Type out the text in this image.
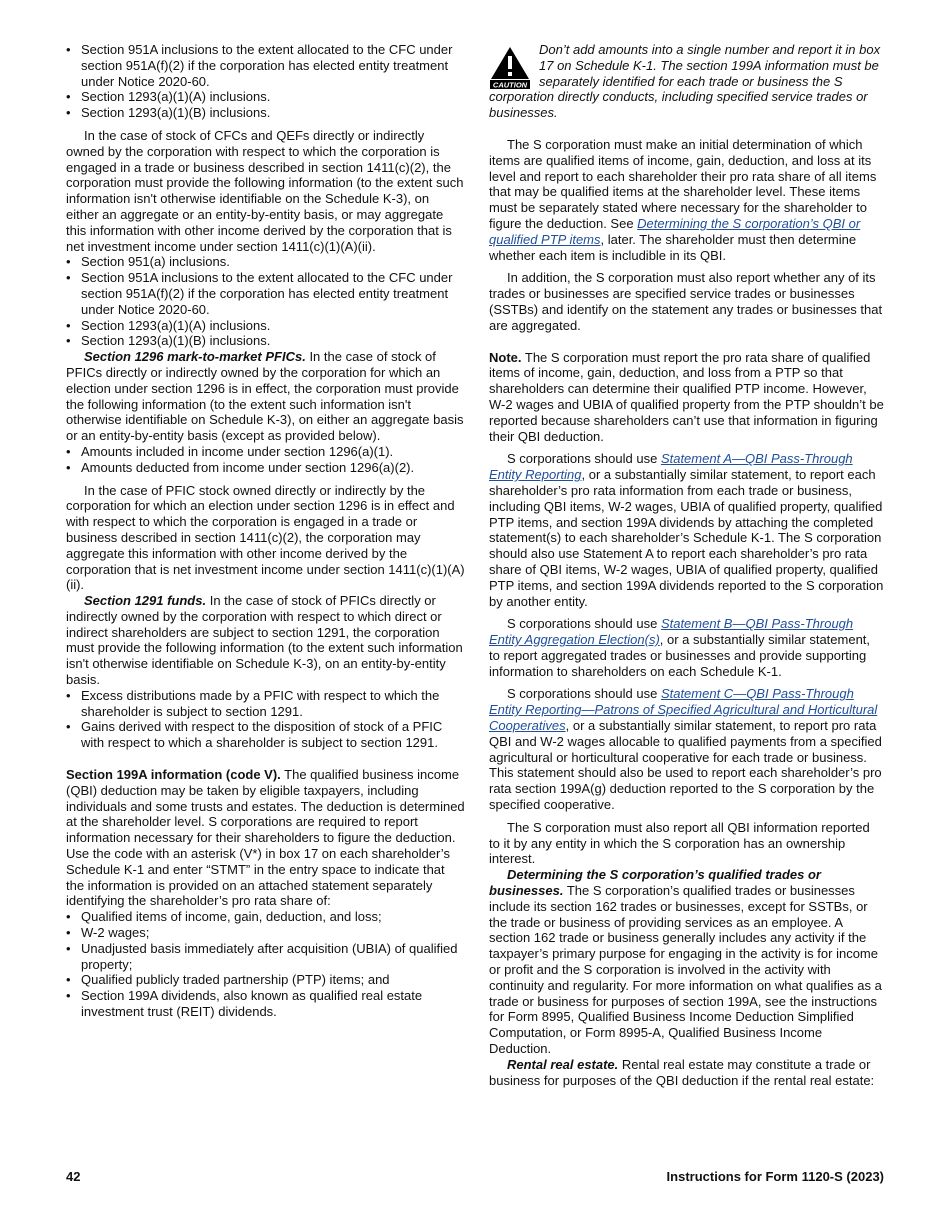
• Section 951A inclusions to the extent allocated to the CFC under section 951A(f)(2) if the corporation has elected entity treatment under Notice 2020-60.

• Section 1293(a)(1)(A) inclusions.

• Section 1293(a)(1)(B) inclusions.

In the case of stock of CFCs and QEFs directly or indirectly owned by the corporation with respect to which the corporation is engaged in a trade or business described in section 1411(c)(2), the corporation must provide the following information (to the extent such information isn't otherwise identifiable on the Schedule K-3), on either an aggregate or an entity-by-entity basis, or may aggregate this information with other income derived by the corporation that is net investment income under section 1411(c)(1)(A)(ii).

• Section 951(a) inclusions.

• Section 951A inclusions to the extent allocated to the CFC under section 951A(f)(2) if the corporation has elected entity treatment under Notice 2020-60.

• Section 1293(a)(1)(A) inclusions.

• Section 1293(a)(1)(B) inclusions.

Section 1296 mark-to-market PFICs. In the case of stock of PFICs directly or indirectly owned by the corporation for which an election under section 1296 is in effect, the corporation must provide the following information (to the extent such information isn't otherwise identifiable on Schedule K-3), on either an aggregate basis or an entity-by-entity basis (except as provided below).

• Amounts included in income under section 1296(a)(1).

• Amounts deducted from income under section 1296(a)(2).

In the case of PFIC stock owned directly or indirectly by the corporation for which an election under section 1296 is in effect and with respect to which the corporation is engaged in a trade or business described in section 1411(c)(2), the corporation may aggregate this information with other income derived by the corporation that is net investment income under section 1411(c)(1)(A)(ii).

Section 1291 funds. In the case of stock of PFICs directly or indirectly owned by the corporation with respect to which direct or indirect shareholders are subject to section 1291, the corporation must provide the following information (to the extent such information isn't otherwise identifiable on Schedule K-3), on an entity-by-entity basis.

• Excess distributions made by a PFIC with respect to which the shareholder is subject to section 1291.

• Gains derived with respect to the disposition of stock of a PFIC with respect to which a shareholder is subject to section 1291.

Section 199A information (code V). The qualified business income (QBI) deduction may be taken by eligible taxpayers, including individuals and some trusts and estates. The deduction is determined at the shareholder level. S corporations are required to report information necessary for their shareholders to figure the deduction. Use the code with an asterisk (V*) in box 17 on each shareholder’s Schedule K-1 and enter “STMT” in the entry space to indicate that the information is provided on an attached statement separately identifying the shareholder’s pro rata share of:

• Qualified items of income, gain, deduction, and loss;

• W-2 wages;

• Unadjusted basis immediately after acquisition (UBIA) of qualified property;

• Qualified publicly traded partnership (PTP) items; and

• Section 199A dividends, also known as qualified real estate investment trust (REIT) dividends.

CAUTION
Don’t add amounts into a single number and report it in box 17 on Schedule K-1. The section 199A information must be separately identified for each trade or business the S corporation directly conducts, including specified service trades or businesses.

The S corporation must make an initial determination of which items are qualified items of income, gain, deduction, and loss at its level and report to each shareholder their pro rata share of all items that may be qualified items at the shareholder level. These items must be separately stated where necessary for the shareholder to figure the deduction. See Determining the S corporation’s QBI or qualified PTP items, later. The shareholder must then determine whether each item is includible in its QBI.

In addition, the S corporation must also report whether any of its trades or businesses are specified service trades or businesses (SSTBs) and identify on the statement any trades or businesses that are aggregated.

Note. The S corporation must report the pro rata share of qualified items of income, gain, deduction, and loss from a PTP so that shareholders can determine their qualified PTP income. However, W-2 wages and UBIA of qualified property from the PTP shouldn’t be reported because shareholders can’t use that information in figuring their QBI deduction.

S corporations should use Statement A—QBI Pass-Through Entity Reporting, or a substantially similar statement, to report each shareholder’s pro rata information from each trade or business, including QBI items, W-2 wages, UBIA of qualified property, qualified PTP items, and section 199A dividends by attaching the completed statement(s) to each shareholder’s Schedule K-1. The S corporation should also use Statement A to report each shareholder’s pro rata share of QBI items, W-2 wages, UBIA of qualified property, qualified PTP items, and section 199A dividends reported to the S corporation by another entity.

S corporations should use Statement B—QBI Pass-Through Entity Aggregation Election(s), or a substantially similar statement, to report aggregated trades or businesses and provide supporting information to shareholders on each Schedule K-1.

S corporations should use Statement C—QBI Pass-Through Entity Reporting—Patrons of Specified Agricultural and Horticultural Cooperatives, or a substantially similar statement, to report pro rata QBI and W-2 wages allocable to qualified payments from a specified agricultural or horticultural cooperative for each trade or business. This statement should also be used to report each shareholder’s pro rata section 199A(g) deduction reported to the S corporation by the specified cooperative.

The S corporation must also report all QBI information reported to it by any entity in which the S corporation has an ownership interest.

Determining the S corporation’s qualified trades or businesses. The S corporation’s qualified trades or businesses include its section 162 trades or businesses, except for SSTBs, or the trade or business of providing services as an employee. A section 162 trade or business generally includes any activity if the taxpayer’s primary purpose for engaging in the activity is for income or profit and the S corporation is involved in the activity with continuity and regularity. For more information on what qualifies as a trade or business for purposes of section 199A, see the instructions for Form 8995, Qualified Business Income Deduction Simplified Computation, or Form 8995-A, Qualified Business Income Deduction.

Rental real estate. Rental real estate may constitute a trade or business for purposes of the QBI deduction if the rental real estate:

42	Instructions for Form 1120-S (2023)
